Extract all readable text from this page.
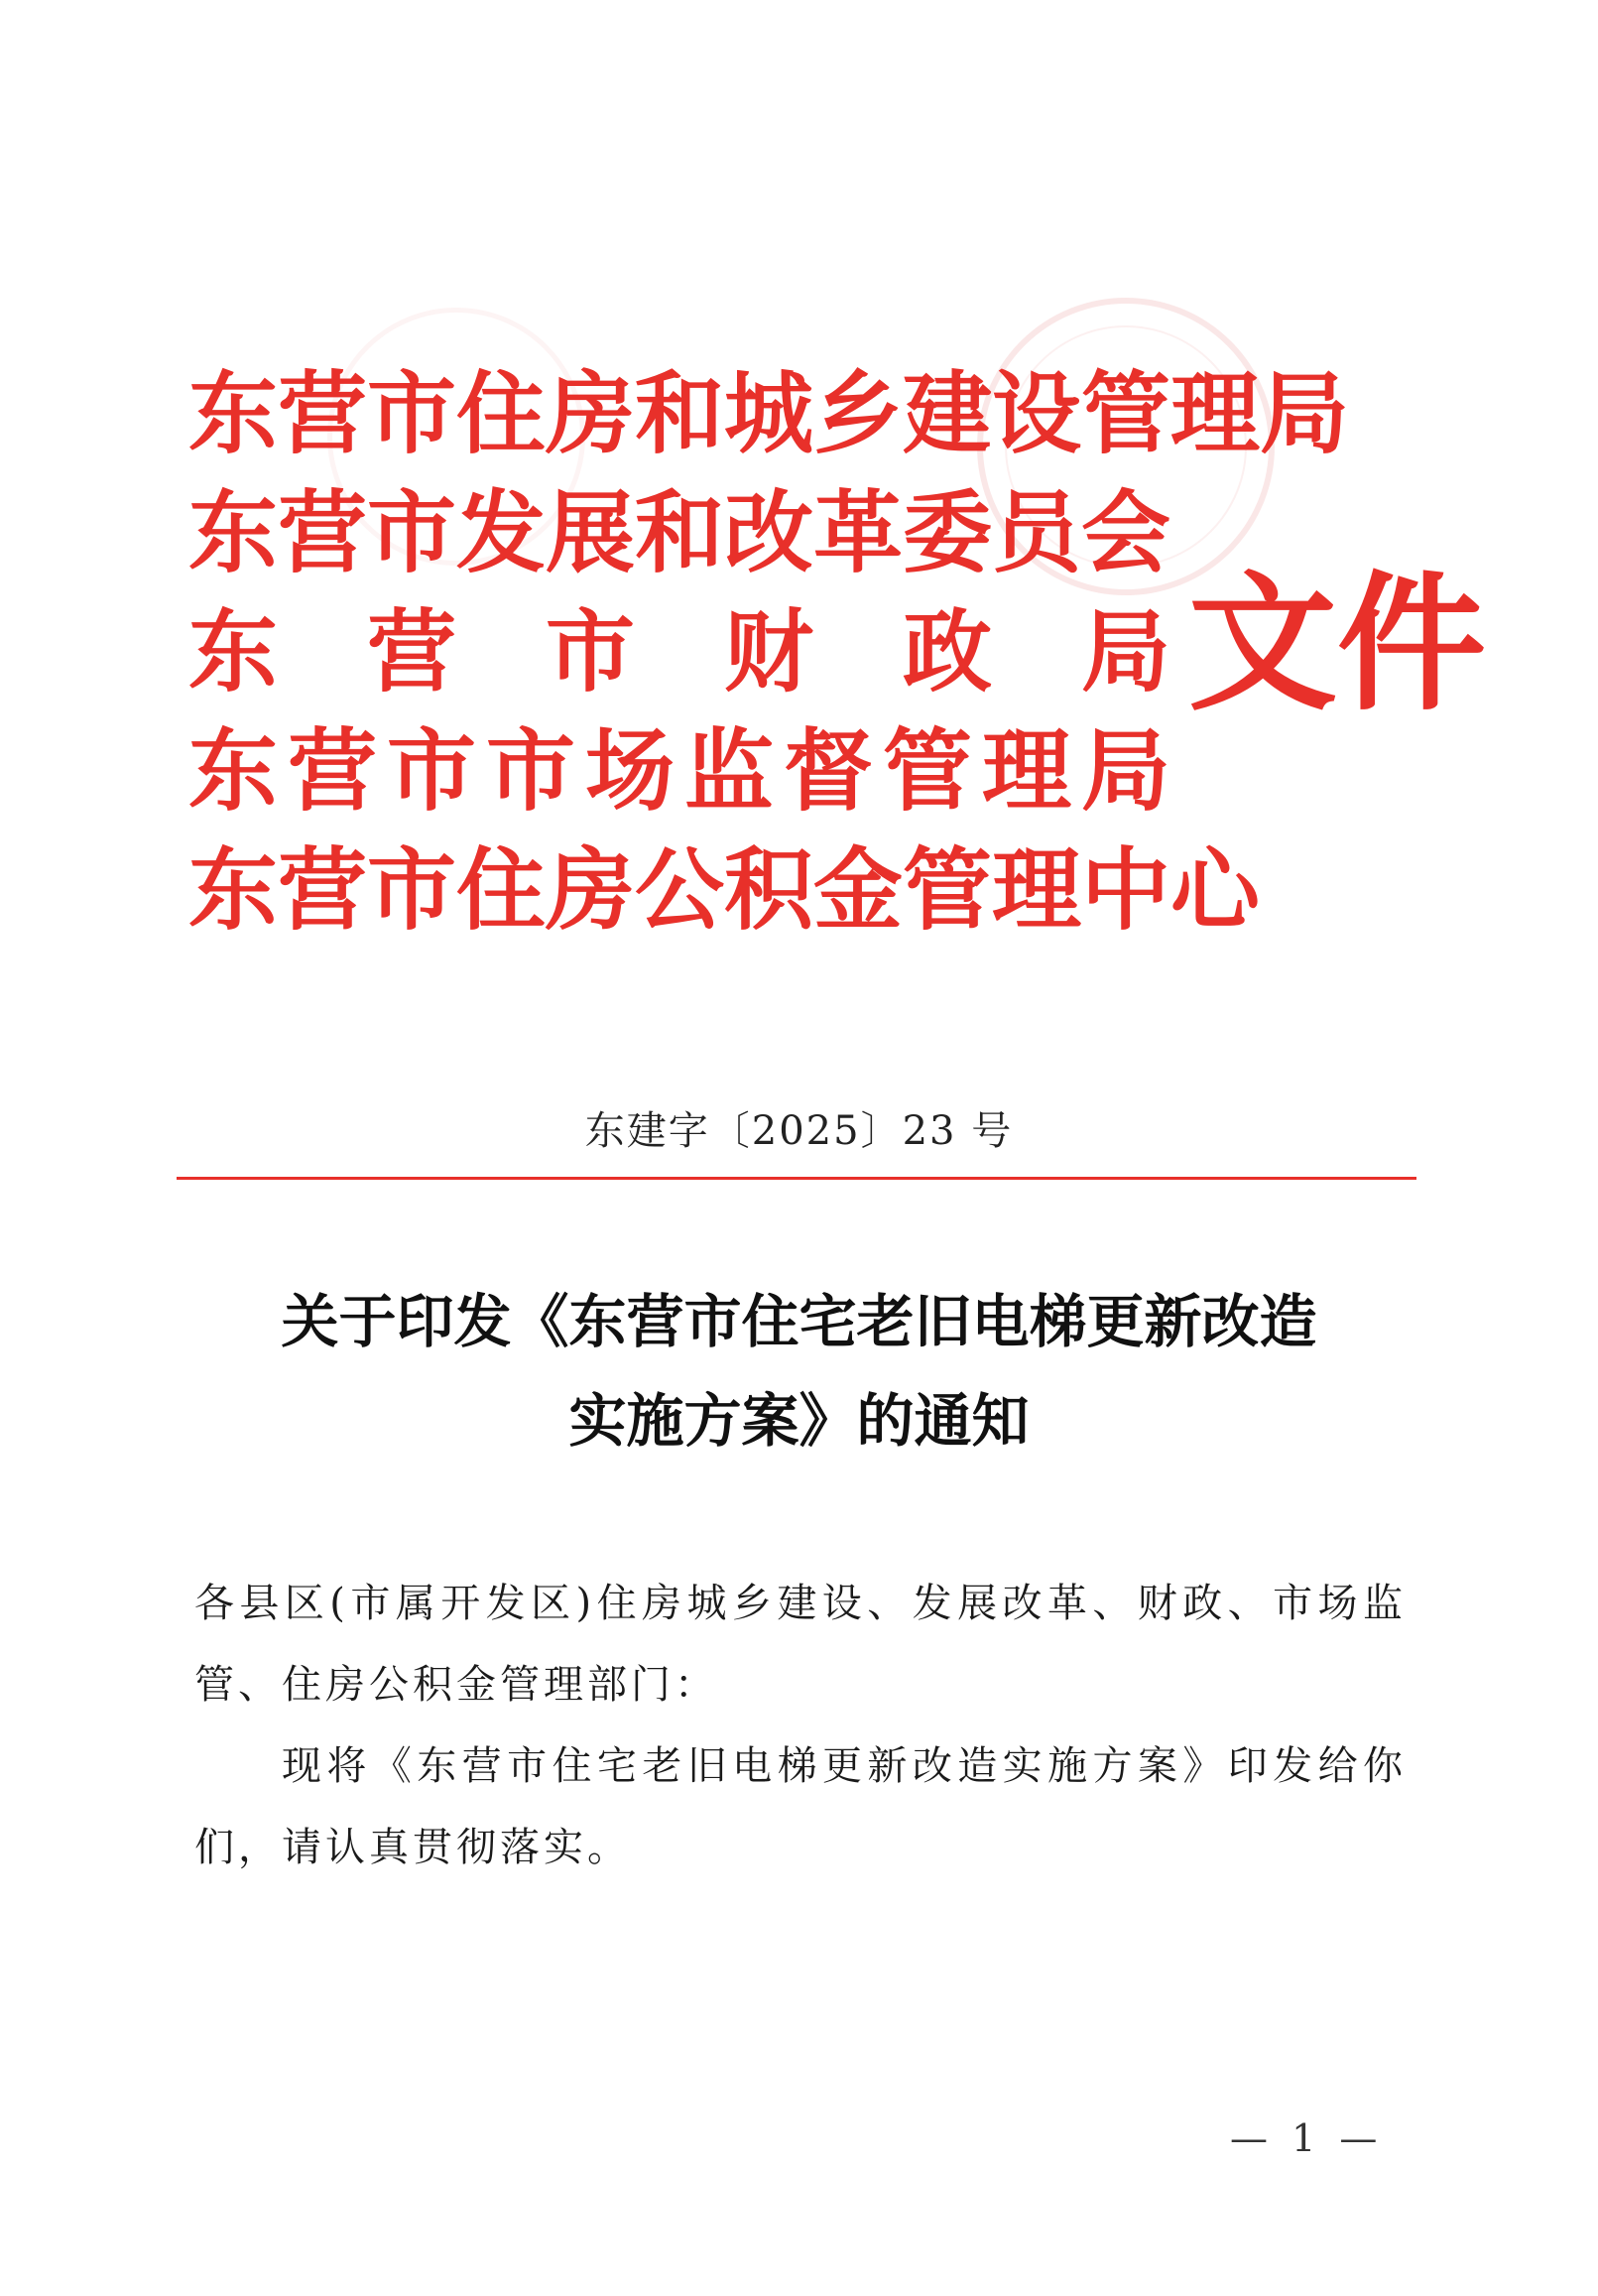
东营市住房和城乡建设管理局
东营市发展和改革委员会
东　营　市　财　政　局
东营市市场监督管理局
东营市住房公积金管理中心
文件
东建字〔2025〕23 号
关于印发《东营市住宅老旧电梯更新改造
实施方案》的通知

各县区(市属开发区)住房城乡建设、发展改革、财政、市场监管、住房公积金管理部门：

现将《东营市住宅老旧电梯更新改造实施方案》印发给你们，请认真贯彻落实。

— 1 —
